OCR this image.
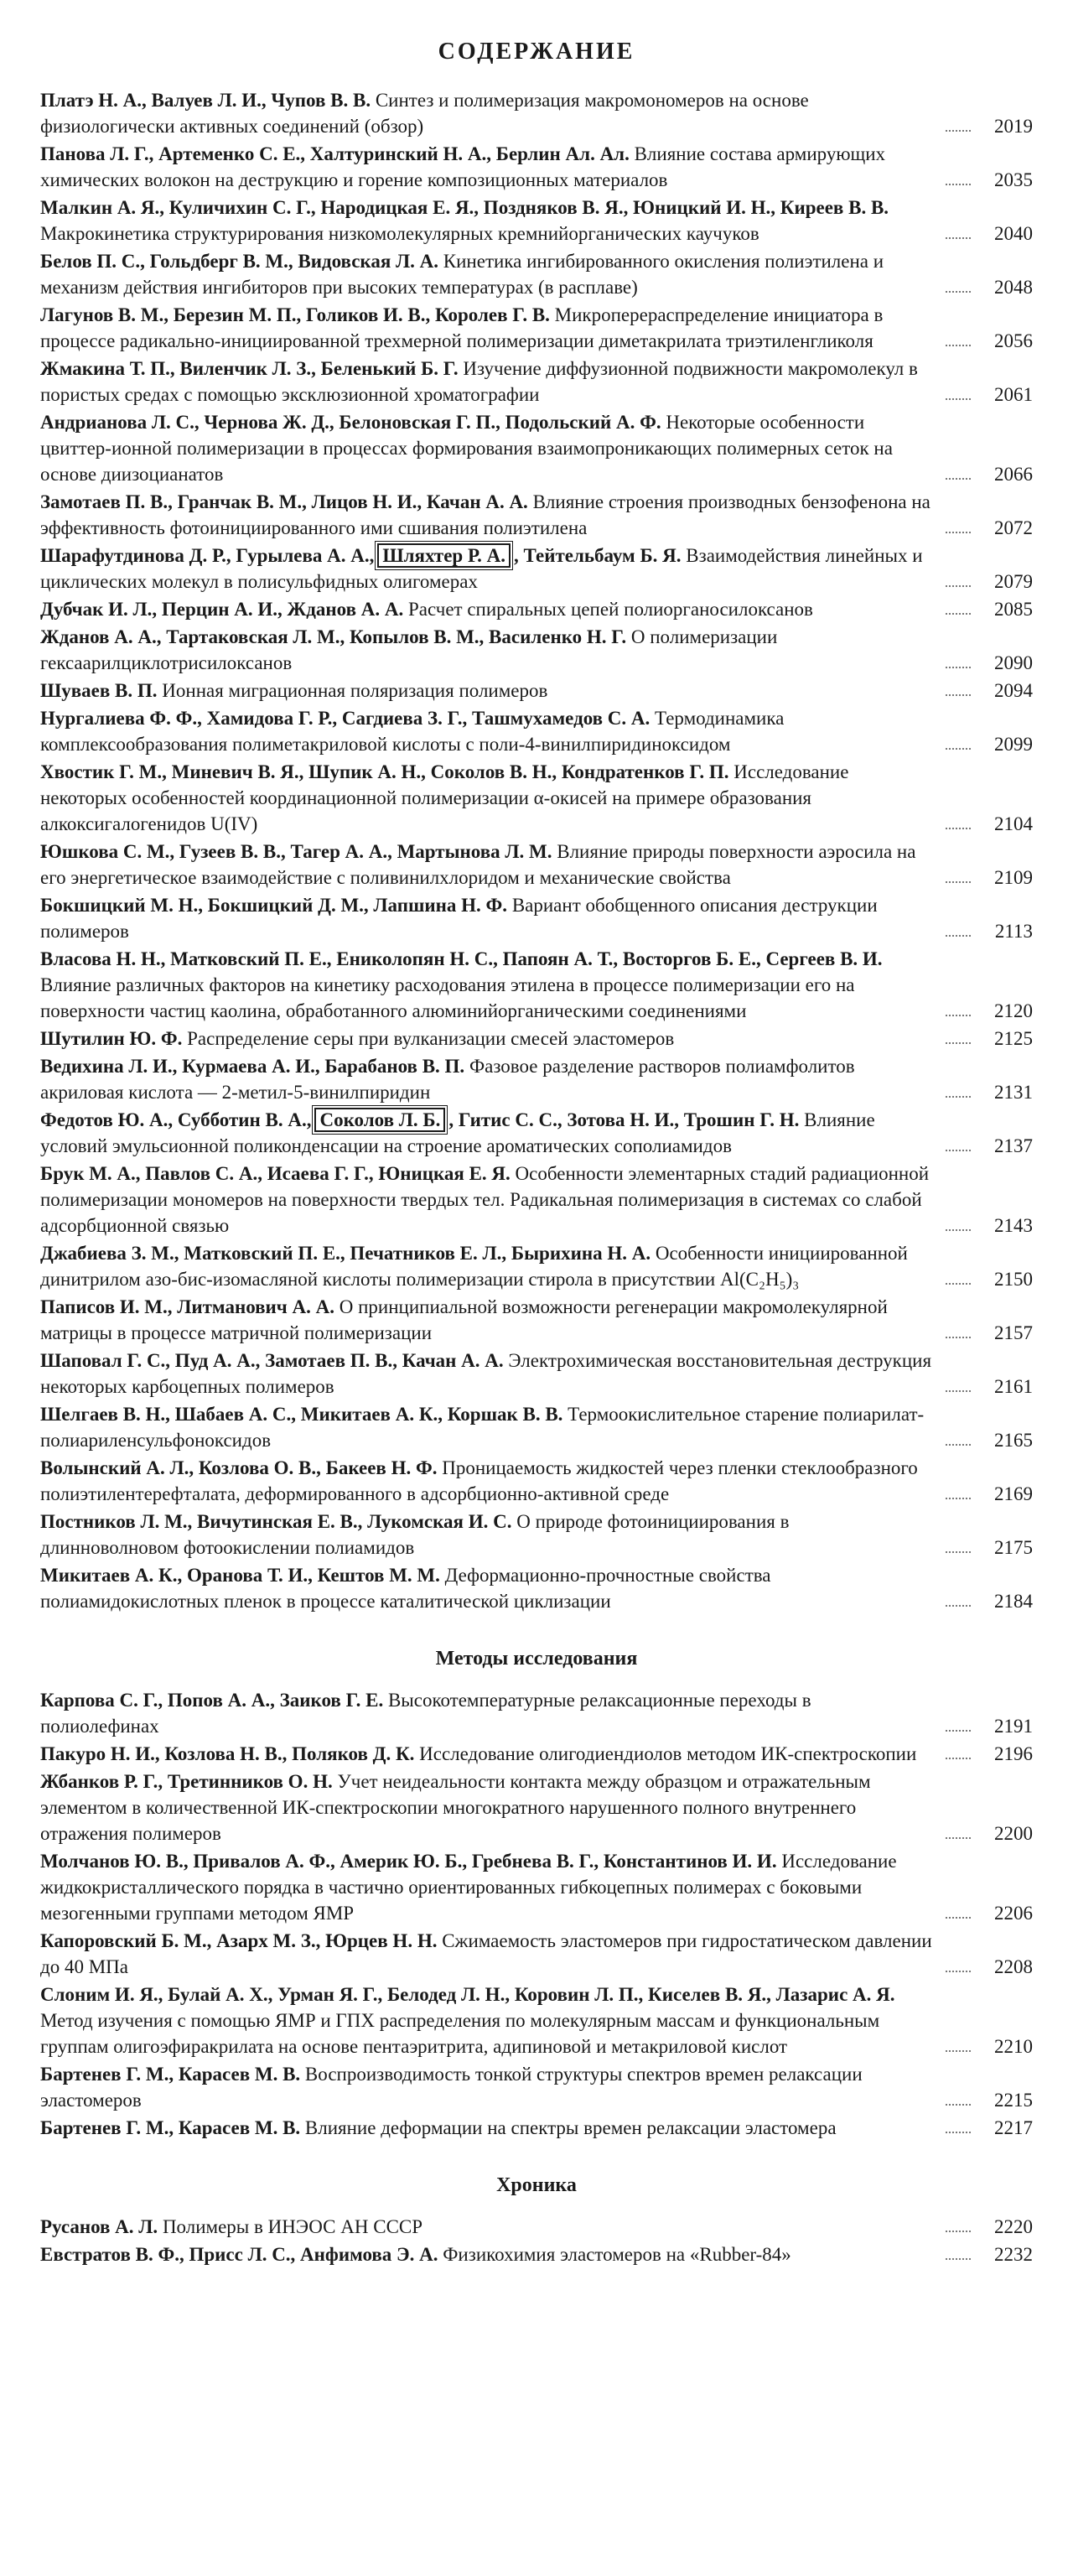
СОДЕРЖАНИЕ
Платэ Н. А., Валуев Л. И., Чупов В. В. Синтез и полимеризация макромономеров на основе физиологически активных соединений (обзор)	2019
Панова Л. Г., Артеменко С. Е., Халтуринский Н. А., Берлин Ал. Ал. Влияние состава армирующих химических волокон на деструкцию и горение композиционных материалов	2035
Малкин А. Я., Куличихин С. Г., Народицкая Е. Я., Поздняков В. Я., Юницкий И. Н., Киреев В. В. Макрокинетика структурирования низкомолекулярных кремнийорганических каучуков	2040
Белов П. С., Гольдберг В. М., Видовская Л. А. Кинетика ингибированного окисления полиэтилена и механизм действия ингибиторов при высоких температурах (в расплаве)	2048
Лагунов В. М., Березин М. П., Голиков И. В., Королев Г. В. Микроперераспределение инициатора в процессе радикально-инициированной трехмерной полимеризации диметакрилата триэтиленгликоля	2056
Жмакина Т. П., Виленчик Л. З., Беленький Б. Г. Изучение диффузионной подвижности макромолекул в пористых средах с помощью эксклюзионной хроматографии	2061
Андрианова Л. С., Чернова Ж. Д., Белоновская Г. П., Подольский А. Ф. Некоторые особенности цвиттер-ионной полимеризации в процессах формирования взаимопроникающих полимерных сеток на основе диизоцианатов	2066
Замотаев П. В., Гранчак В. М., Лицов Н. И., Качан А. А. Влияние строения производных бензофенона на эффективность фотоинициированного ими сшивания полиэтилена	2072
Шарафутдинова Д. Р., Гурылева А. А., Шляхтер Р. А. , Тейтельбаум Б. Я. Взаимодействия линейных и циклических молекул в полисульфидных олигомерах	2079
Дубчак И. Л., Перцин А. И., Жданов А. А. Расчет спиральных цепей полиорганосилоксанов	2085
Жданов А. А., Тартаковская Л. М., Копылов В. М., Василенко Н. Г. О полимеризации гексаарилциклотрисилоксанов	2090
Шуваев В. П. Ионная миграционная поляризация полимеров	2094
Нургалиева Ф. Ф., Хамидова Г. Р., Сагдиева З. Г., Ташмухамедов С. А. Термодинамика комплексообразования полиметакриловой кислоты с поли-4-винилпиридиноксидом	2099
Хвостик Г. М., Миневич В. Я., Шупик А. Н., Соколов В. Н., Кондратенков Г. П. Исследование некоторых особенностей координационной полимеризации α-окисей на примере образования алкоксигалогенидов U(IV)	2104
Юшкова С. М., Гузеев В. В., Тагер А. А., Мартынова Л. М. Влияние природы поверхности аэросила на его энергетическое взаимодействие с поливинилхлоридом и механические свойства	2109
Бокшицкий М. Н., Бокшицкий Д. М., Лапшина Н. Ф. Вариант обобщенного описания деструкции полимеров	2113
Власова Н. Н., Матковский П. Е., Ениколопян Н. С., Папоян А. Т., Восторгов Б. Е., Сергеев В. И. Влияние различных факторов на кинетику расходования этилена в процессе полимеризации его на поверхности частиц каолина, обработанного алюминийорганическими соединениями	2120
Шутилин Ю. Ф. Распределение серы при вулканизации смесей эластомеров	2125
Ведихина Л. И., Курмаева А. И., Барабанов В. П. Фазовое разделение растворов полиамфолитов акриловая кислота — 2-метил-5-винилпиридин	2131
Федотов Ю. А., Субботин В. А., Соколов Л. Б. , Гитис С. С., Зотова Н. И., Трошин Г. Н. Влияние условий эмульсионной поликонденсации на строение ароматических сополиамидов	2137
Брук М. А., Павлов С. А., Исаева Г. Г., Юницкая Е. Я. Особенности элементарных стадий радиационной полимеризации мономеров на поверхности твердых тел. Радикальная полимеризация в системах со слабой адсорбционной связью	2143
Джабиева З. М., Матковский П. Е., Печатников Е. Л., Бырихина Н. А. Особенности инициированной динитрилом азо-бис-изомасляной кислоты полимеризации стирола в присутствии Al(C₂H₅)₃	2150
Паписов И. М., Литманович А. А. О принципиальной возможности регенерации макромолекулярной матрицы в процессе матричной полимеризации	2157
Шаповал Г. С., Пуд А. А., Замотаев П. В., Качан А. А. Электрохимическая восстановительная деструкция некоторых карбоцепных полимеров	2161
Шелгаев В. Н., Шабаев А. С., Микитаев А. К., Коршак В. В. Термоокислительное старение полиарилат-полиариленсульфоноксидов	2165
Волынский А. Л., Козлова О. В., Бакеев Н. Ф. Проницаемость жидкостей через пленки стеклообразного полиэтилентерефталата, деформированного в адсорбционно-активной среде	2169
Постников Л. М., Вичутинская Е. В., Лукомская И. С. О природе фотоинициирования в длинноволновом фотоокислении полиамидов	2175
Микитаев А. К., Оранова Т. И., Кештов М. М. Деформационно-прочностные свойства полиамидокислотных пленок в процессе каталитической циклизации	2184
Методы исследования
Карпова С. Г., Попов А. А., Заиков Г. Е. Высокотемпературные релаксационные переходы в полиолефинах	2191
Пакуро Н. И., Козлова Н. В., Поляков Д. К. Исследование олигодиендиолов методом ИК-спектроскопии	2196
Жбанков Р. Г., Третинников О. Н. Учет неидеальности контакта между образцом и отражательным элементом в количественной ИК-спектроскопии многократного нарушенного полного внутреннего отражения полимеров	2200
Молчанов Ю. В., Привалов А. Ф., Америк Ю. Б., Гребнева В. Г., Константинов И. И. Исследование жидкокристаллического порядка в частично ориентированных гибкоцепных полимерах с боковыми мезогенными группами методом ЯМР	2206
Капоровский Б. М., Азарх М. З., Юрцев Н. Н. Сжимаемость эластомеров при гидростатическом давлении до 40 МПа	2208
Слоним И. Я., Булай А. Х., Урман Я. Г., Белодед Л. Н., Коровин Л. П., Киселев В. Я., Лазарис А. Я. Метод изучения с помощью ЯМР и ГПХ распределения по молекулярным массам и функциональным группам олигоэфиракрилата на основе пентаэритрита, адипиновой и метакриловой кислот	2210
Бартенев Г. М., Карасев М. В. Воспроизводимость тонкой структуры спектров времен релаксации эластомеров	2215
Бартенев Г. М., Карасев М. В. Влияние деформации на спектры времен релаксации эластомера	2217
Хроника
Русанов А. Л. Полимеры в ИНЭОС АН СССР	2220
Евстратов В. Ф., Присс Л. С., Анфимова Э. А. Физикохимия эластомеров на «Rubber-84»	2232
